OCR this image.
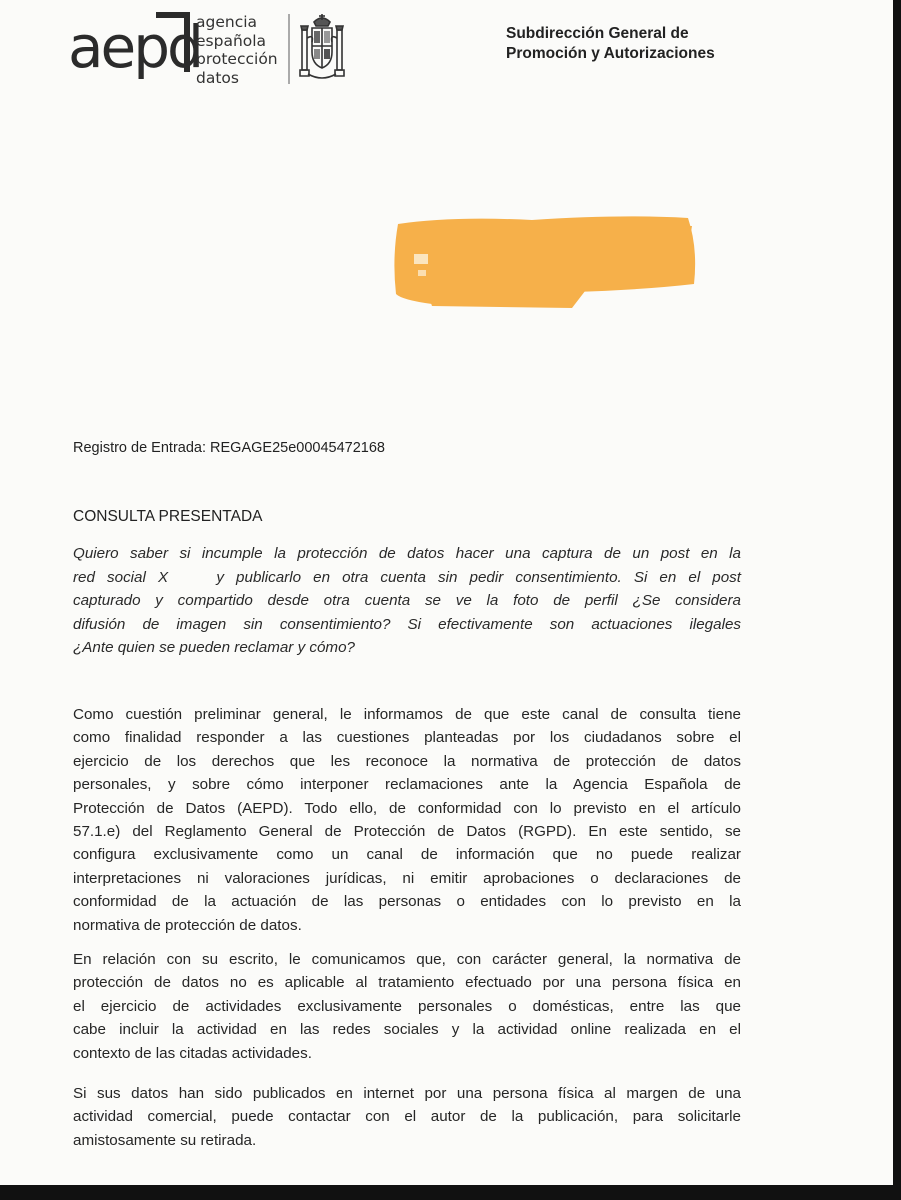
aepd
agencia
española
protección
datos
Subdirección General de
Promoción y Autorizaciones
Registro de Entrada: REGAGE25e00045472168
CONSULTA PRESENTADA
Quiero saber si incumple la protección de datos hacer una captura de un post en la
red social X    y publicarlo en otra cuenta sin pedir consentimiento. Si en el post
capturado y compartido desde otra cuenta se ve la foto de perfil ¿Se considera
difusión de imagen sin consentimiento? Si efectivamente son actuaciones ilegales
¿Ante quien se pueden reclamar y cómo?
Como cuestión preliminar general, le informamos de que este canal de consulta tiene
como finalidad responder a las cuestiones planteadas por los ciudadanos sobre el
ejercicio de los derechos que les reconoce la normativa de protección de datos
personales, y sobre cómo interponer reclamaciones ante la Agencia Española de
Protección de Datos (AEPD). Todo ello, de conformidad con lo previsto en el artículo
57.1.e) del Reglamento General de Protección de Datos (RGPD). En este sentido, se
configura exclusivamente como un canal de información que no puede realizar
interpretaciones ni valoraciones jurídicas, ni emitir aprobaciones o declaraciones de
conformidad de la actuación de las personas o entidades con lo previsto en la
normativa de protección de datos.
En relación con su escrito, le comunicamos que, con carácter general, la normativa de
protección de datos no es aplicable al tratamiento efectuado por una persona física en
el ejercicio de actividades exclusivamente personales o domésticas, entre las que
cabe incluir la actividad en las redes sociales y la actividad online realizada en el
contexto de las citadas actividades.
Si sus datos han sido publicados en internet por una persona física al margen de una
actividad comercial, puede contactar con el autor de la publicación, para solicitarle
amistosamente su retirada.
